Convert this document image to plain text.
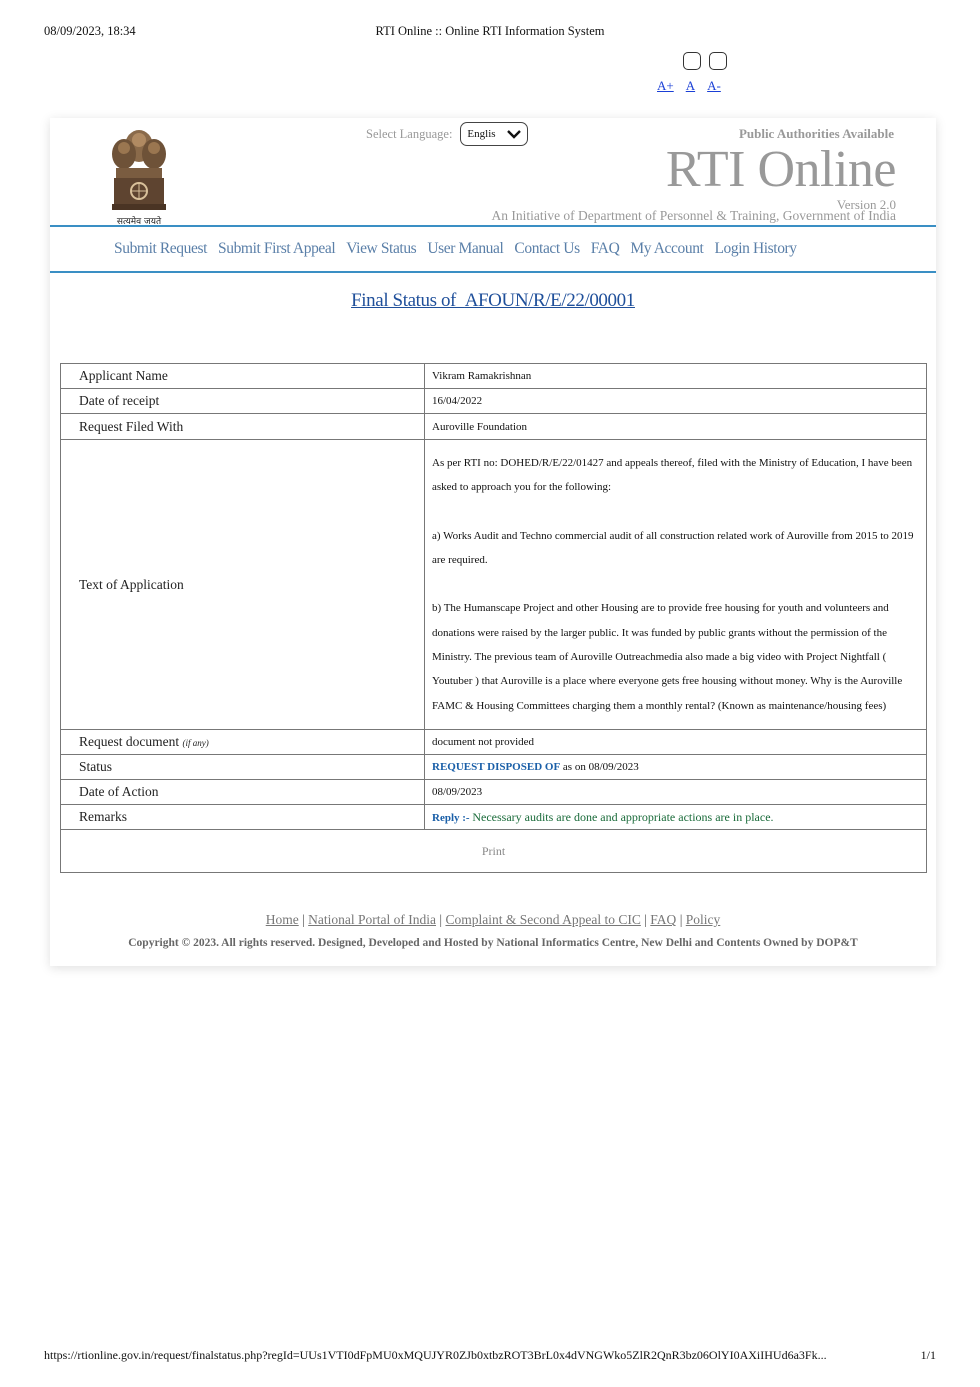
08/09/2023, 18:34	RTI Online :: Online RTI Information System
A+ A A-
सत्यमेव जयते
Select Language: Englis	Public Authorities Available
RTI Online
Version 2.0
An Initiative of Department of Personnel & Training, Government of India
Submit Request Submit First Appeal View Status User Manual Contact Us FAQ My Account Login History
Final Status of AFOUN/R/E/22/00001
Applicant Name	Vikram Ramakrishnan
Date of receipt	16/04/2022
Request Filed With	Auroville Foundation
Text of Application	As per RTI no: DOHED/R/E/22/01427 and appeals thereof, filed with the Ministry of Education, I have been asked to approach you for the following:
a) Works Audit and Techno commercial audit of all construction related work of Auroville from 2015 to 2019 are required.
b) The Humanscape Project and other Housing are to provide free housing for youth and volunteers and donations were raised by the larger public. It was funded by public grants without the permission of the Ministry. The previous team of Auroville Outreachmedia also made a big video with Project Nightfall ( Youtuber ) that Auroville is a place where everyone gets free housing without money. Why is the Auroville FAMC & Housing Committees charging them a monthly rental? (Known as maintenance/housing fees)

Request document (if any)	document not provided
Status	REQUEST DISPOSED OF as on 08/09/2023
Date of Action	08/09/2023
Remarks	Reply :- Necessary audits are done and appropriate actions are in place.
Print	
Home | National Portal of India | Complaint & Second Appeal to CIC | FAQ | Policy
Copyright © 2023. All rights reserved. Designed, Developed and Hosted by National Informatics Centre, New Delhi and Contents Owned by DOP&T
https://rtionline.gov.in/request/finalstatus.php?regId=UUs1VTI0dFpMU0xMQUJYR0ZJb0xtbzROT3BrL0x4dVNGWko5ZlR2QnR3bz06OlYI0AXiIHUd6a3Fk...	1/1
